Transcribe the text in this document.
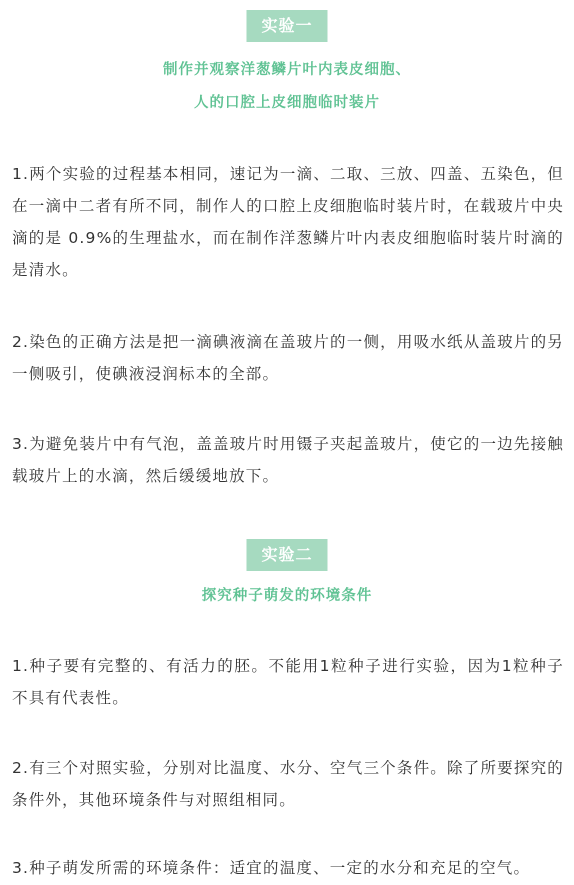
实验一
制作并观察洋葱鳞片叶内表皮细胞、
人的口腔上皮细胞临时装片
1.两个实验的过程基本相同，速记为一滴、二取、三放、四盖、五染色，但在一滴中二者有所不同，制作人的口腔上皮细胞临时装片时，在载玻片中央滴的是 0.9%的生理盐水，而在制作洋葱鳞片叶内表皮细胞临时装片时滴的是清水。
2.染色的正确方法是把一滴碘液滴在盖玻片的一侧，用吸水纸从盖玻片的另一侧吸引，使碘液浸润标本的全部。
3.为避免装片中有气泡，盖盖玻片时用镊子夹起盖玻片，使它的一边先接触载玻片上的水滴，然后缓缓地放下。
实验二
探究种子萌发的环境条件
1.种子要有完整的、有活力的胚。不能用1粒种子进行实验，因为1粒种子不具有代表性。
2.有三个对照实验，分别对比温度、水分、空气三个条件。除了所要探究的条件外，其他环境条件与对照组相同。
3.种子萌发所需的环境条件：适宜的温度、一定的水分和充足的空气。
